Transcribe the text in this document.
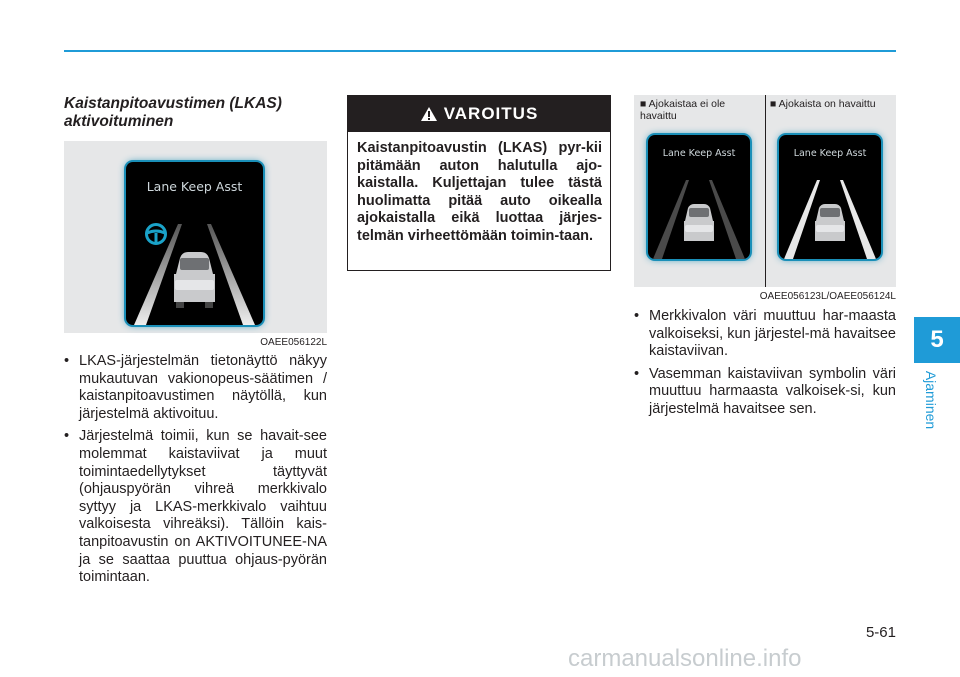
Kaistanpitoavustimen (LKAS) aktivoituminen
Lane Keep Asst
OAEE056122L
• LKAS-järjestelmän tietonäyttö näkyy mukautuvan vakionopeus-säätimen / kaistanpitoavustimen näytöllä, kun järjestelmä aktivoituu.
• Järjestelmä toimii, kun se havait-see molemmat kaistaviivat ja muut toimintaedellytykset täyttyvät (ohjauspyörän vihreä merkkivalo syttyy ja LKAS-merkkivalo vaihtuu valkoisesta vihreäksi). Tällöin kais-tanpitoavustin on AKTIVOITUNEE-NA ja se saattaa puuttua ohjaus-pyörän toimintaan.
VAROITUS
Kaistanpitoavustin (LKAS) pyr-kii pitämään auton halutulla ajo-kaistalla. Kuljettajan tulee tästä huolimatta pitää auto oikealla ajokaistalla eikä luottaa järjes-telmän virheettömään toimin-taan.
■ Ajokaistaa ei ole havaittu
■ Ajokaista on havaittu
Lane Keep Asst	Lane Keep Asst
OAEE056123L/OAEE056124L
• Merkkivalon väri muuttuu har-maasta valkoiseksi, kun järjestel-mä havaitsee kaistaviivan.
• Vasemman kaistaviivan symbolin väri muuttuu harmaasta valkoisek-si, kun järjestelmä havaitsee sen.
5
Ajaminen
5-61
carmanualsonline.info
